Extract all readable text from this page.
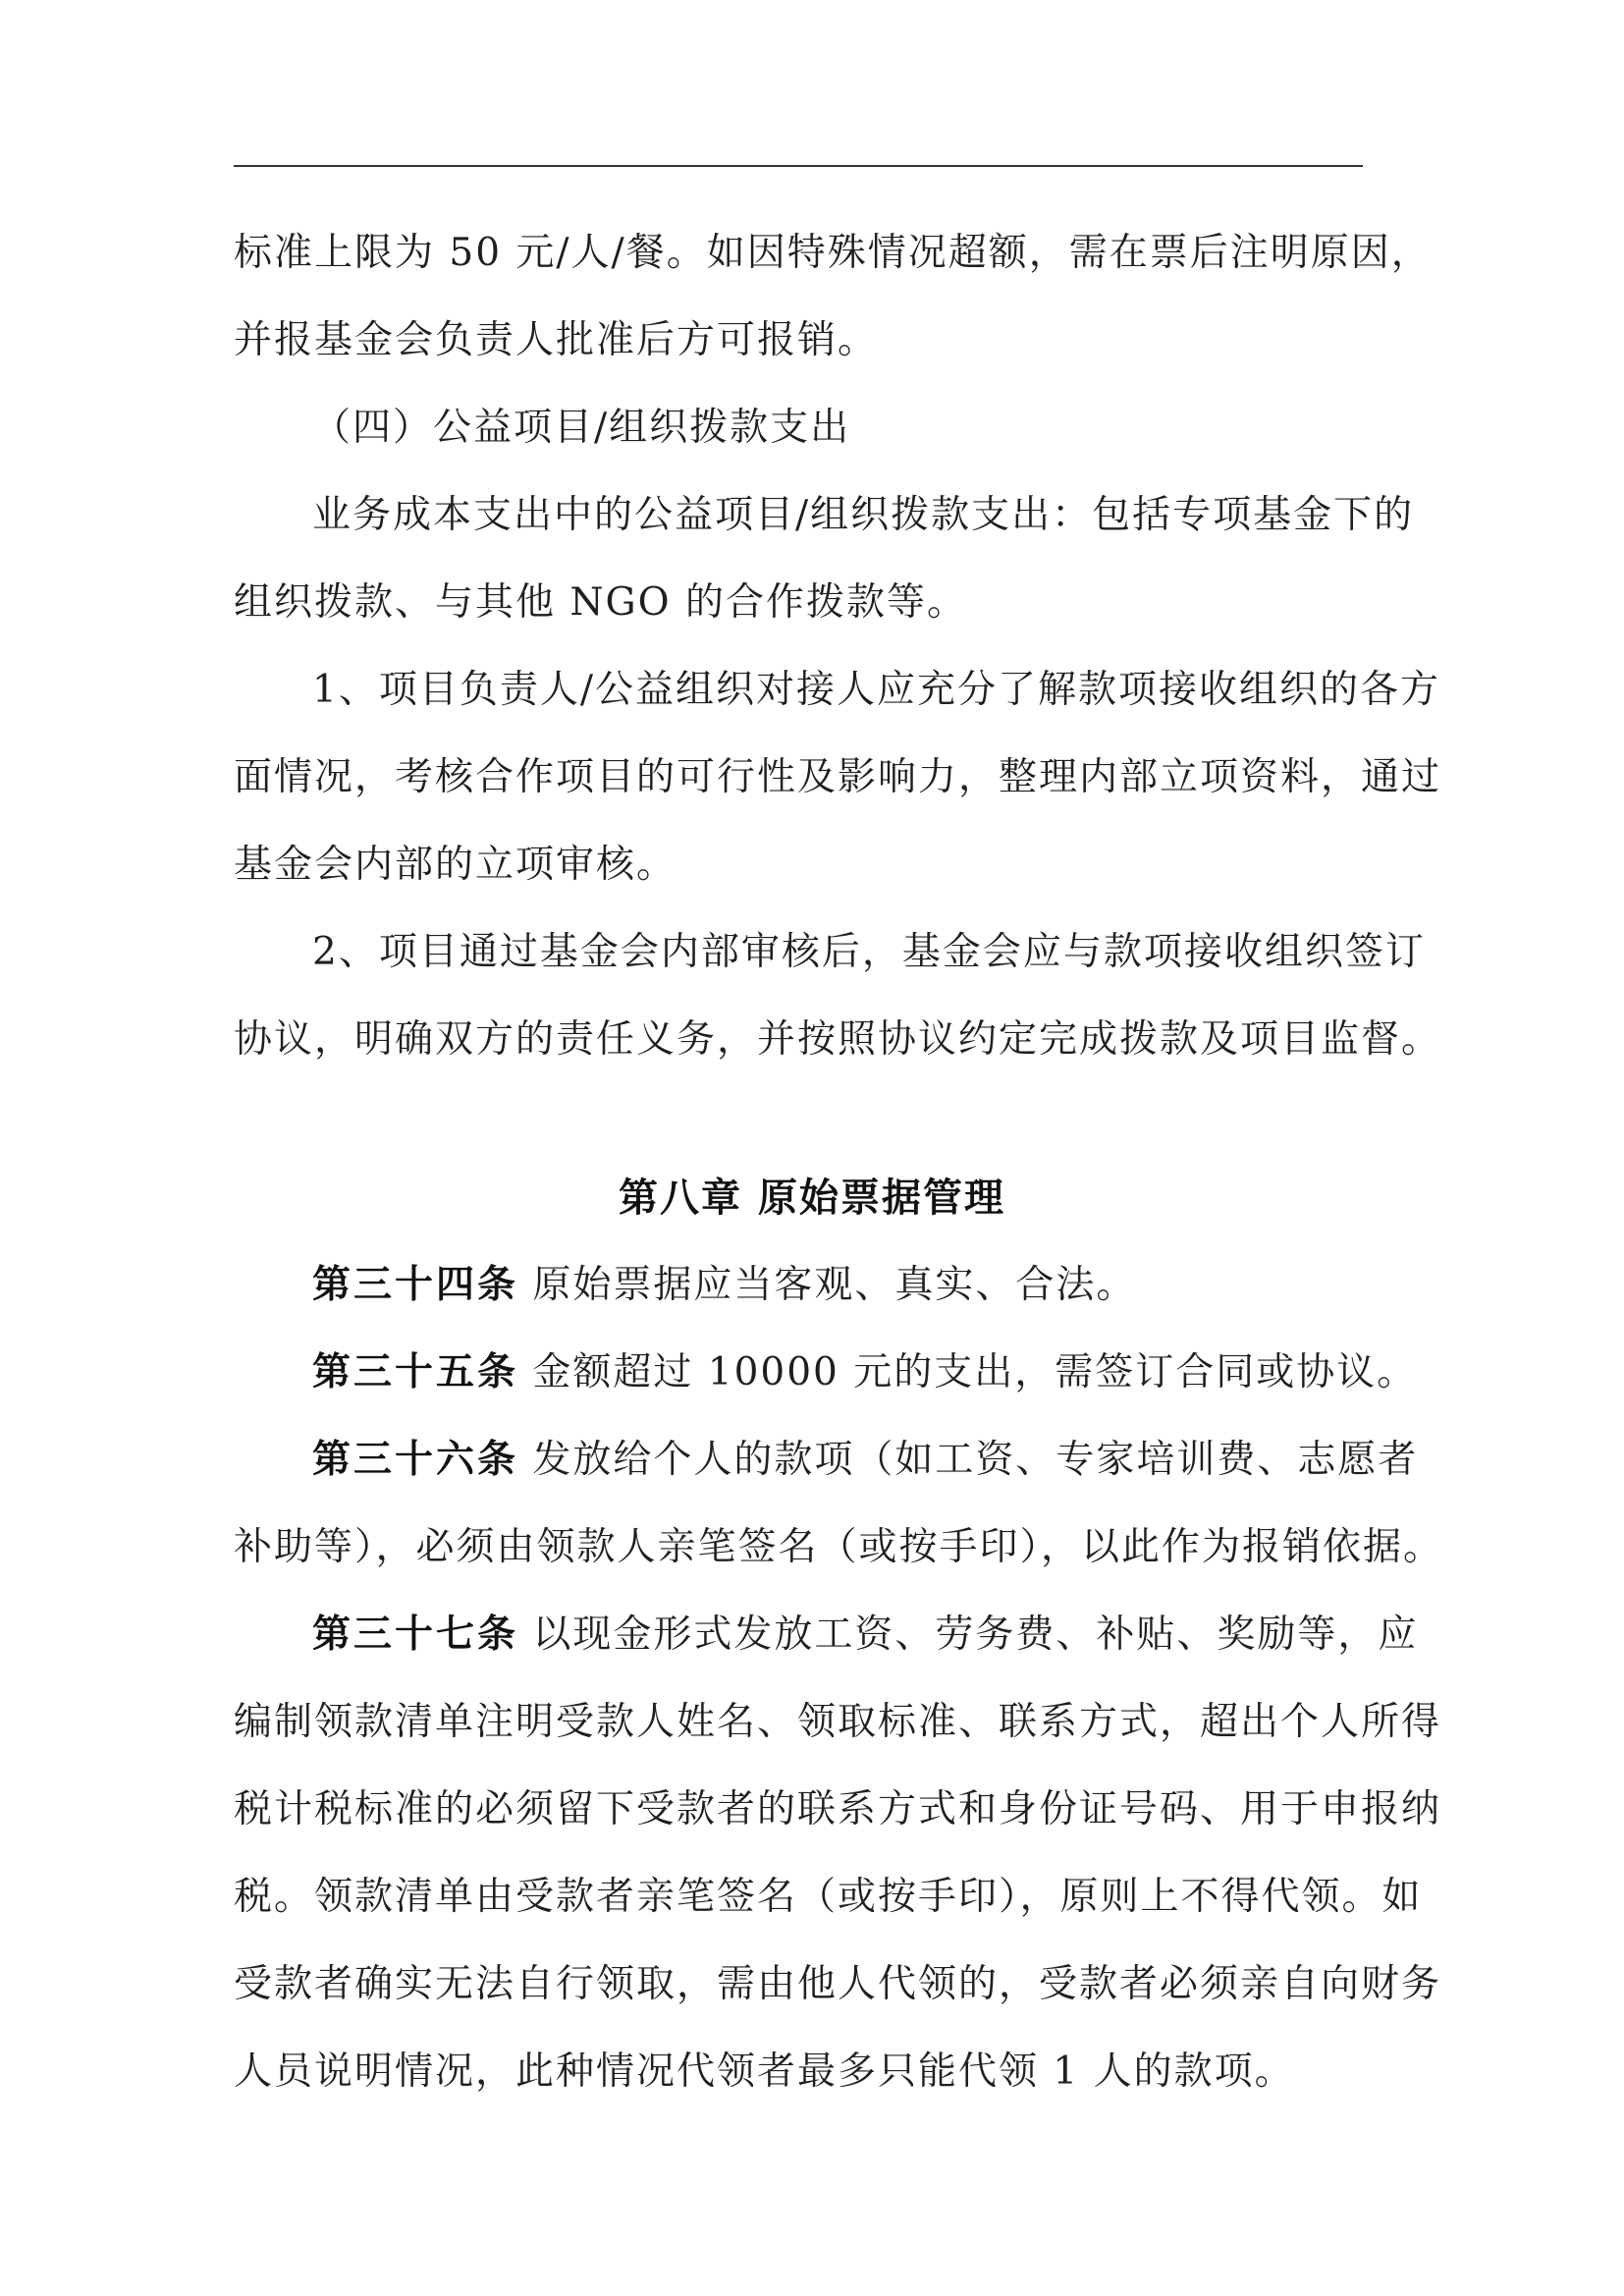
标准上限为 50 元/人/餐。如因特殊情况超额，需在票后注明原因，
并报基金会负责人批准后方可报销。
（四）公益项目/组织拨款支出
业务成本支出中的公益项目/组织拨款支出：包括专项基金下的
组织拨款、与其他 NGO 的合作拨款等。
1、项目负责人/公益组织对接人应充分了解款项接收组织的各方
面情况，考核合作项目的可行性及影响力，整理内部立项资料，通过
基金会内部的立项审核。
2、项目通过基金会内部审核后，基金会应与款项接收组织签订
协议，明确双方的责任义务，并按照协议约定完成拨款及项目监督。
第八章 原始票据管理
第三十四条 原始票据应当客观、真实、合法。
第三十五条 金额超过 10000 元的支出，需签订合同或协议。
第三十六条 发放给个人的款项（如工资、专家培训费、志愿者
补助等），必须由领款人亲笔签名（或按手印），以此作为报销依据。
第三十七条 以现金形式发放工资、劳务费、补贴、奖励等，应
编制领款清单注明受款人姓名、领取标准、联系方式，超出个人所得
税计税标准的必须留下受款者的联系方式和身份证号码、用于申报纳
税。领款清单由受款者亲笔签名（或按手印），原则上不得代领。如
受款者确实无法自行领取，需由他人代领的，受款者必须亲自向财务
人员说明情况，此种情况代领者最多只能代领 1 人的款项。
